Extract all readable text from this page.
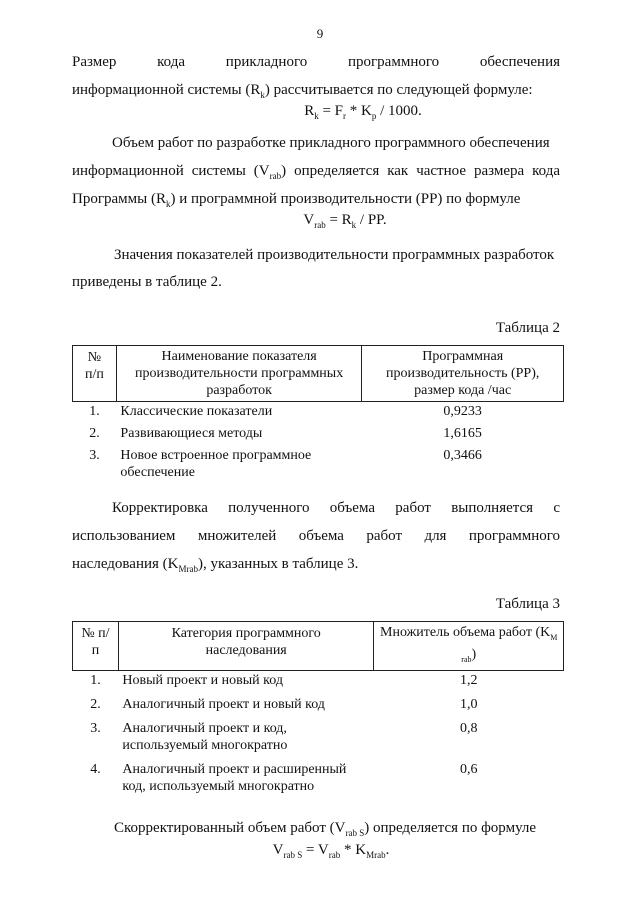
9
Размер	кода	прикладного	программного	обеспечения
информационной системы $(R_k)$ рассчитывается по следующей формуле:
$R_k = F_r * K_p / 1000$.
Объем работ по разработке прикладного программного обеспечения
информационной системы $(V_{rab})$ определяется как частное размера кода
Программы $(R_k)$ и программной производительности (PP) по формуле
$V_{rab} = R_k$ / PP.
Значения показателей производительности программных разработок
приведены в таблице 2.
Таблица 2
№ п/п	Наименование показателя производительности программных разработок	Программная производительность (PP), размер кода /час
1.	Классические показатели	0,9233
2.	Развивающиеся методы	1,6165
3.	Новое встроенное программное обеспечение	0,3466
Корректировка полученного объема работ выполняется с
использованием множителей объема работ для программного
наследования $(K_{Mrab})$, указанных в таблице 3.
Таблица 3
№ п/п	Категория программного наследования	Множитель объема работ $(K_{M rab})$
1.	Новый проект и новый код	1,2
2.	Аналогичный проект и новый код	1,0
3.	Аналогичный проект и код, используемый многократно	0,8
4.	Аналогичный проект и расширенный код, используемый многократно	0,6
Скорректированный объем работ $(V_{rab S})$ определяется по формуле
$V_{rab S} = V_{rab} * K_{Mrab}$.
